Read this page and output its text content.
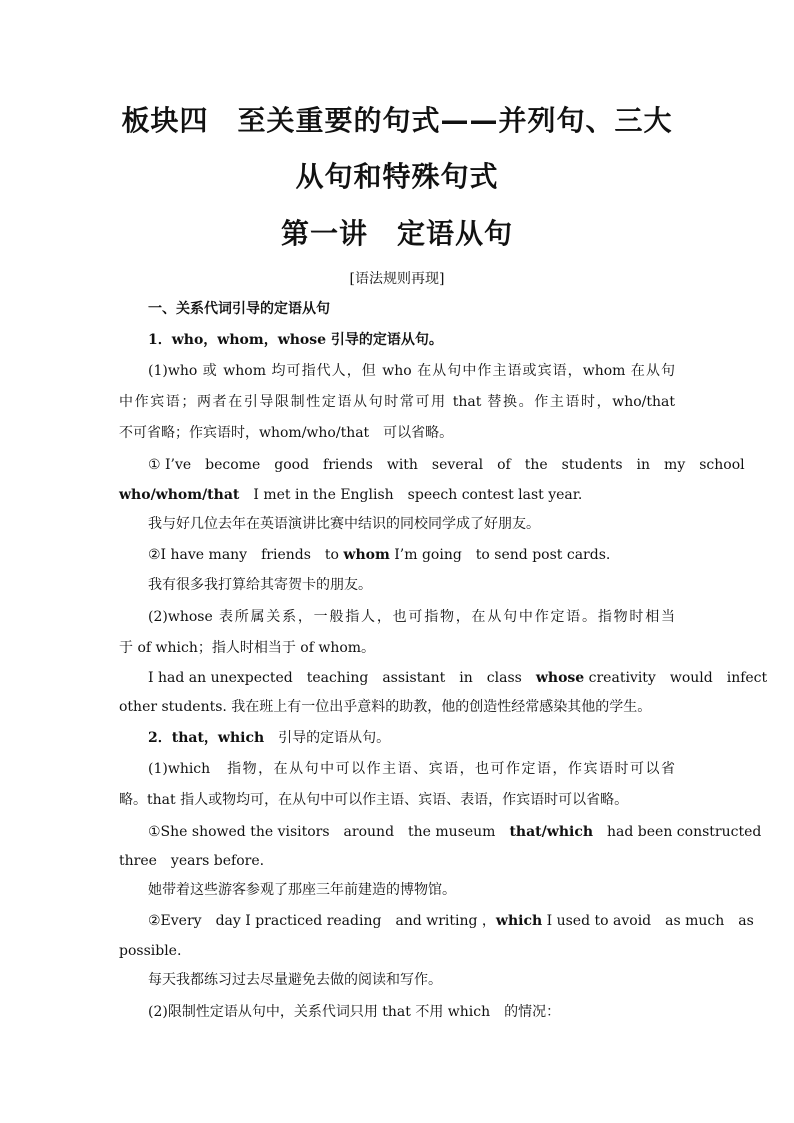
板块四　至关重要的句式——并列句、三大
从句和特殊句式
第一讲　定语从句
[语法规则再现]
一、关系代词引导的定语从句
1．who，whom，whose 引导的定语从句。
(1)who 或 whom 均可指代人，但 who 在从句中作主语或宾语，whom 在从句
中作宾语；两者在引导限制性定语从句时常可用 that 替换。作主语时，who/that
不可省略；作宾语时，whom/who/that　可以省略。
① I’ve　become　good　friends　with　several　of　the　students　in　my　school
who/whom/that　I met in the English　speech contest last year.
我与好几位去年在英语演讲比赛中结识的同校同学成了好朋友。
②I have many　friends　to whom I’m going　to send post cards.
我有很多我打算给其寄贺卡的朋友。
(2)whose 表所属关系，一般指人，也可指物，在从句中作定语。指物时相当
于 of which；指人时相当于 of whom。
I had an unexpected　teaching　assistant　in　class　whose creativity　would　infect
other students. 我在班上有一位出乎意料的助教，他的创造性经常感染其他的学生。
2．that，which　引导的定语从句。
(1)which　指物，在从句中可以作主语、宾语，也可作定语，作宾语时可以省
略。that 指人或物均可，在从句中可以作主语、宾语、表语，作宾语时可以省略。
①She showed the visitors　around　the museum　that/which　had been constructed
three　years before.
她带着这些游客参观了那座三年前建造的博物馆。
②Every　day I practiced reading　and writing ，which I used to avoid　as much　as
possible.
每天我都练习过去尽量避免去做的阅读和写作。
(2)限制性定语从句中，关系代词只用 that 不用 which　的情况：
